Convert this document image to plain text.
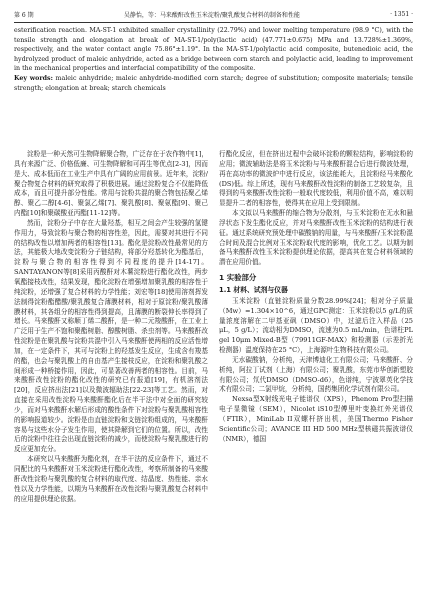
第 6 期	吴静怡，等：马来酸酐改性玉米淀粉/聚乳酸复合材料的制备和性能	· 1351 ·

esterification reaction. MA-ST-1 exhibited smaller crystallinity (22.79%) and lower melting temperature (98.9 °C), with the tensile strength and elongation at break of MA-ST-1/poly(lactic acid) (47.771±0.675) MPa and 13.728%±1.369%, respectively, and the water contact angle 75.86°±1.19°. In the MA-ST-1/polylactic acid composite, butenedioic acid, the hydrolyzed product of maleic anhydride, acted as a bridge between corn starch and polylactic acid, leading to improvement in the mechanical properties and interfacial compatibility of the composite.

Key words: maleic anhydride; maleic anhydride-modified corn starch; degree of substitution; composite materials; tensile strength; elongation at break; starch chemicals

淀粉是一种天然可生物降解聚合物，广泛存在于农作物中[1]，具有来源广泛、价格低廉、可生物降解和可再生等优点[2-3]，因而是大、成本低而在工业生产中具有广阔的应用前景。近年来，淀粉/聚合物复合材料的研究取得了积极进展。通过淀粉复合不仅能降低成本，而且可提升部分性能。常用与淀粉共混的聚合物包括聚乙烯醇、聚乙二醇[4-6]、聚氯乙烯[7]、聚乳酸[8]、聚氨酯[9]、聚己内酯[10]和聚碳酸亚丙酯[11-12]等。

然而，淀粉分子中存在大量羟基，相互之间会产生较强的氢键作用力，导致淀粉与聚合物的相容性差，因此，需要对其进行不同的结构改性以增加两者的相容性[13]。酯化是淀粉改性最常见的方法，其能极大地改变淀粉分子链结构，将部分羟基转化为酯基后，淀粉与聚合物的相容性得到不同程度的提升[14-17]。SANTAYANON等[8]采用丙酸酐对木薯淀粉进行酯化改性，两步氧酯接枝改性，结果发现，酯化淀粉在增强增加聚乳酸的相容性于纯淀粉，还增强了复合材料的力学性能；刘宏等[18]使用溶剂挥发法制得淀粉酯醋酸/聚乳酸复合薄膜材料，相对于原淀粉/聚乳酸薄膜材料，其各组分的相容性得到提高，且薄膜的断裂伸长率得到了增长。马来酸酐又称顺丁烯二酸酐，是一种二元羧酸酐，在工业上广泛用于生产不饱和聚酯树脂、醇酸树脂、杀虫剂等。马来酸酐改性淀粉是在聚乳酸与淀粉共混中引入马来酸酐使两相的反应活性增加，在一定条件下，其可与淀粉上的羟基发生反应，生成含有羧基的酯，也会与聚乳酸上的自由基产生接枝反应，在淀粉和聚乳酸之间形成一种桥接作用，因此，可显著改善两者的相容性。目前，马来酸酐改性淀粉的酯化改性的研究已有报道[19]，有机溶剂法[20]，反应挤出法[21]以及微波辐助法[22-23]等工艺。然而，对直接在采用改性淀粉马来酸酐酯化后在半干法中对全面的研究较少，而对马来酸酐水解后形成的酸性条件下对淀粉与聚乳酸相容性的影响报道较少。淀粉是由直链淀粉和支链淀粉组成的，马来酸酐容易与这些水分子发生作用，使其降解到它们的位置。所以，改性后的淀粉中往往会出现直链淀粉的减少，而使淀粉与聚乳酸进行的反应更加充分。

本研究以马来酸酐为酯化剂，在半干法的反应条件下，通过不同配比的马来酸酐对玉米淀粉进行酯化改性，考察所制备的马来酸酐改性淀粉与聚乳酸的复合材料的取代度、结晶度、热性能、亲水性以及力学性能，以期为马来酸酐在改性淀粉与聚乳酸复合材料中的应用提供理论依据。

行酯化反应，但在挤出过程中会破坏淀粉的颗粒结构，影响淀粉的应用；微波辅助法是将玉米淀粉与马来酸酐混合后进行微波处理，再在高功率的微波炉中进行反应，该法能耗大，且淀粉经马来酸化(DS)低。综上所述，现有马来酸酐改性淀粉的制备工艺较复杂，且得到的马来酸酐改性淀粉一般取代度较低，利用价值不高，难以明显提升二者的相容性，使得其在应用上受到限制。

本文拟以马来酸酐的缩合物为分散剂，与玉米淀粉在无水和悬浮状态下发生酯化反应，并对马来酸酐改性玉米淀粉的结构进行表征。通过系统研究预处理中碳酸钠的用量，与马来酸酐/玉米淀粉混合时间及混合比例对玉米淀粉取代度的影响，优化工艺。以期为制备马来酸酐改性玉米淀粉提供理论依据，提高其在复合材料领域的潜在应用价值。

1 实验部分
1.1 材料、试剂与仪器

玉米淀粉（直链淀粉质量分数28.99%[24]；相对分子质量（Mw）=1.304×10^6，通过GPC测定：玉米淀粉以5 g/L的质量浓度溶解在二甲基亚砜（DMSO）中，过滤后注入样品（25 μL，5 g/L）；流动相为DMSO，流速为0.5 mL/min，色谱柱PL gel 10μm Mixed-B型（79911GF-MAX）和检测器（示差折光检测器）温度保持在25 °C），上海源叶生物科技有限公司。

无水碳酸钠，分析纯，天津博迪化工有限公司；马来酸酐、分析纯，阿拉丁试剂（上海）有限公司；聚乳酸，东莞市华创新塑胶有限公司；氘代DMSO（DMSO-d6），色谱纯，宁波翠英化学技术有限公司；二氯甲烷，分析纯，国药集团化学试剂有限公司。

Nexsa型X射线光电子能谱仪（XPS），Phenom Pro型扫描电子显微镜（SEM），Nicolet iS10型傅里叶变换红外光谱仪（FTIR），MiniLab II双螺杆挤出机，美国Thermo Fisher Scientific公司；AVANCE III HD 500 MHz型核磁共振波谱仪（NMR），德国
